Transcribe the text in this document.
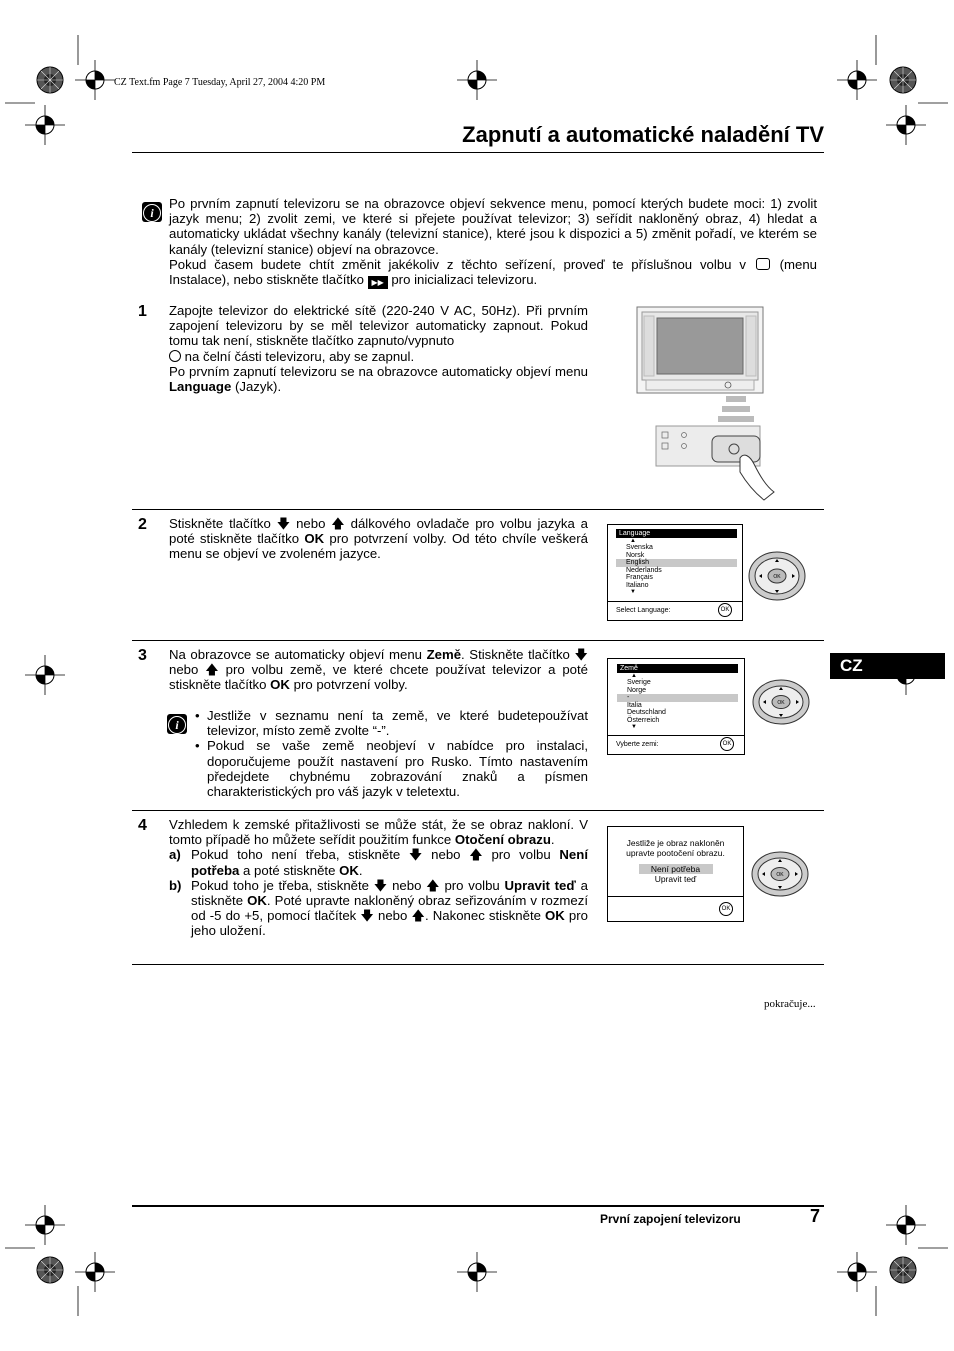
CZ Text.fm Page 7 Tuesday, April 27, 2004 4:20 PM
Zapnutí a automatické naladění TV
i
Po prvním zapnutí televizoru se na obrazovce objeví sekvence menu, pomocí kterých budete moci: 1) zvolit jazyk menu; 2) zvolit zemi, ve které si přejete používat televizor; 3) seřídit nakloněný obraz, 4) hledat a automaticky ukládat všechny kanály (televizní stanice), které jsou k dispozici a 5) změnit pořadí, ve kterém se kanály (televizní stanice) objeví na obrazovce.
Pokud časem budete chtít změnit jakékoliv z těchto seřízení, proveď te příslušnou volbu v	(menu Instalace), nebo stiskněte tlačítko ▶▶ pro inicializaci televizoru.
1 Zapojte televizor do elektrické sítě (220-240 V AC, 50Hz). Při prvním zapojení televizoru by se měl televizor automaticky zapnout. Pokud tomu tak není, stiskněte tlačítko zapnuto/vypnuto
na čelní části televizoru, aby se zapnul.
Po prvním zapnutí televizoru se na obrazovce automaticky objeví menu Language (Jazyk).
2 Stiskněte tlačítko 🡇 nebo 🡅 dálkového ovladače pro volbu jazyka a poté stiskněte tlačítko OK pro potvrzení volby. Od této chvíle veškerá menu se objeví ve zvoleném jazyce.
Language
▲
Svenska
Norsk
English
Nederlands
Français
Italiano
▼
Select Language:	OK
OK
3 Na obrazovce se automaticky objeví menu Země. Stiskněte tlačítko 🡇 nebo 🡅 pro volbu země, ve které chcete používat televizor a poté stiskněte tlačítko OK pro potvrzení volby.
i
• Jestliže v seznamu není ta země, ve které budetepoužívat televizor, místo země zvolte “-”.
• Pokud se vaše země neobjeví v nabídce pro instalaci, doporučujeme použít nastavení pro Rusko. Tímto nastavením předejdete chybnému zobrazování znaků a písmen charakteristických pro váš jazyk v teletextu.
Země
▲
Sverige
Norge
-
Italia
Deutschland
Österreich
▼
Vyberte zemi:	OK
OK
CZ
4 Vzhledem k zemské přitažlivosti se může stát, že se obraz nakloní. V tomto případě ho můžete seřídit použitím funkce Otočení obrazu.
a) Pokud toho není třeba, stiskněte 🡇 nebo 🡅 pro volbu Není potřeba a poté stiskněte OK.
b) Pokud toho je třeba, stiskněte 🡇 nebo 🡅 pro volbu Upravit teď a stiskněte OK. Poté upravte nakloněný obraz seřizováním v rozmezí od -5 do +5, pomocí tlačítek 🡇 nebo 🡅. Nakonec stiskněte OK pro jeho uložení.
Jestliže je obraz nakloněn
upravte pootočení obrazu.
Není potřeba
Upravit teď
OK
OK
pokračuje...
První zapojení televizoru	7
